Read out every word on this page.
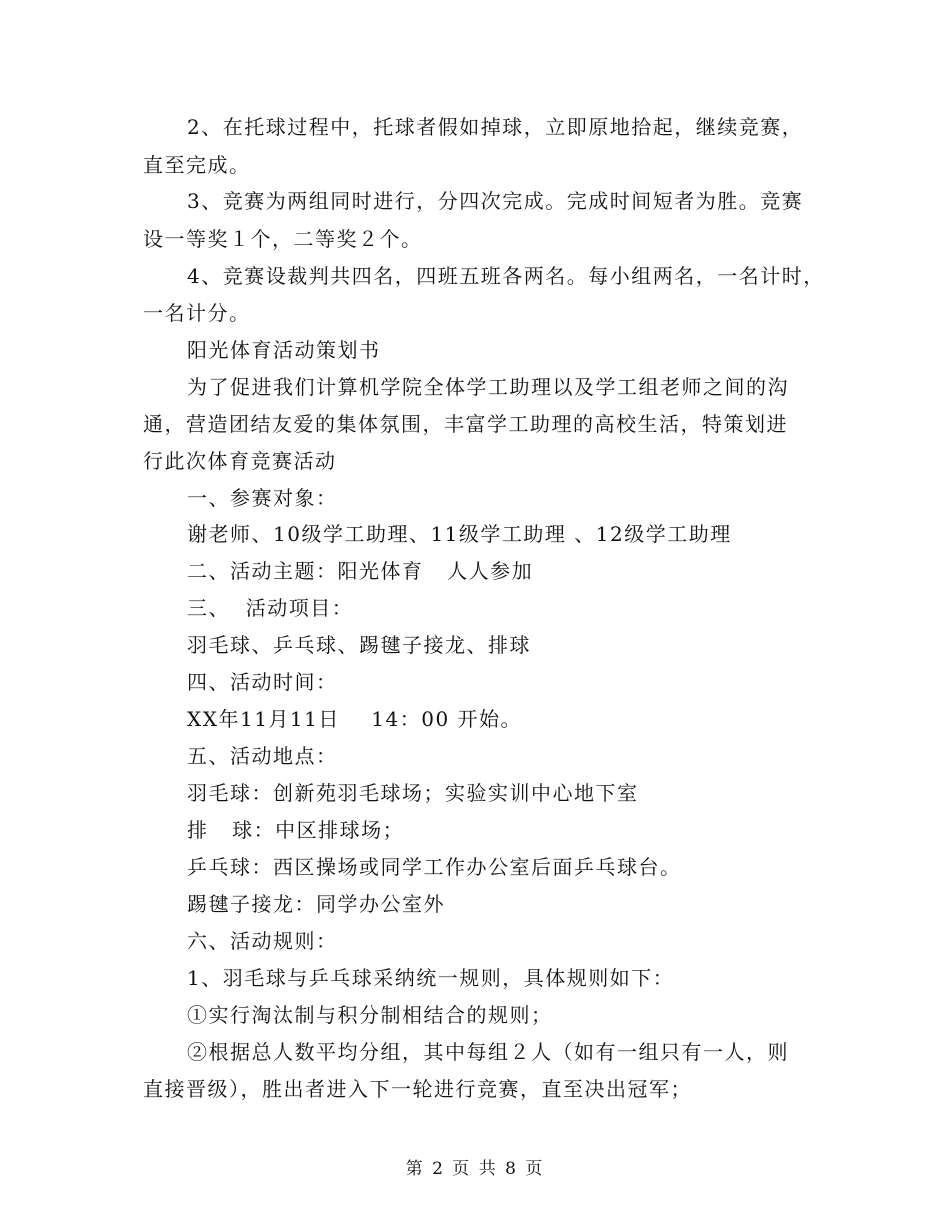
2、在托球过程中，托球者假如掉球，立即原地拾起，继续竞赛，
直至完成。
3、竞赛为两组同时进行，分四次完成。完成时间短者为胜。竞赛
设一等奖１个，二等奖２个。
4、竞赛设裁判共四名，四班五班各两名。每小组两名，一名计时，
一名计分。
阳光体育活动策划书
为了促进我们计算机学院全体学工助理以及学工组老师之间的沟
通，营造团结友爱的集体氛围，丰富学工助理的高校生活，特策划进
行此次体育竞赛活动
一、参赛对象：
谢老师、10级学工助理、11级学工助理 、12级学工助理
二、活动主题：阳光体育   人人参加
三、  活动项目：
羽毛球、乒乓球、踢毽子接龙、排球
四、活动时间：
XX年11月11日    14：00 开始。
五、活动地点：
羽毛球：创新苑羽毛球场；实验实训中心地下室
排   球：中区排球场；
乒乓球：西区操场或同学工作办公室后面乒乓球台。
踢毽子接龙：同学办公室外
六、活动规则：
1、羽毛球与乒乓球采纳统一规则，具体规则如下：
①实行淘汰制与积分制相结合的规则；
②根据总人数平均分组，其中每组２人（如有一组只有一人，则
直接晋级），胜出者进入下一轮进行竞赛，直至决出冠军；
第 2 页 共 8 页
